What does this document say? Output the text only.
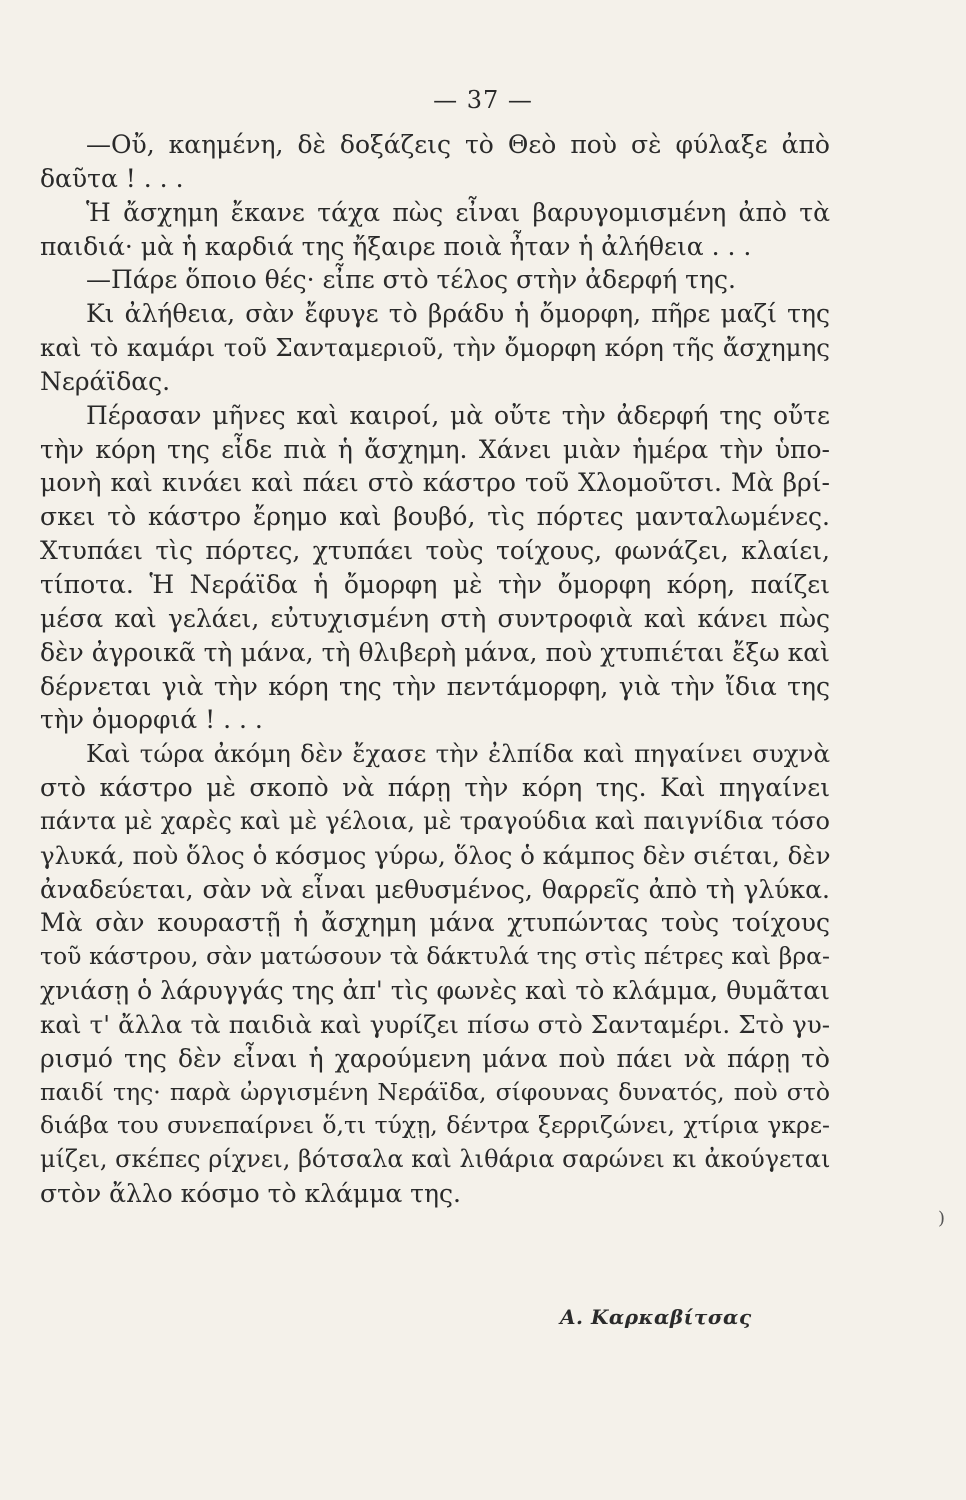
— 37 —
—Οὔ, καημένη, δὲ δοξάζεις τὸ Θεὸ ποὺ σὲ φύλαξε ἀπὸ
δαῦτα ! . . .
Ἡ ἄσχημη ἔκανε τάχα πὼς εἶναι βαρυγομισμένη ἀπὸ τὰ
παιδιά· μὰ ἡ καρδιά της ἤξαιρε ποιὰ ἦταν ἡ ἀλήθεια . . .
—Πάρε ὅποιο θές· εἶπε στὸ τέλος στὴν ἀδερφή της.
Κι ἀλήθεια, σὰν ἔφυγε τὸ βράδυ ἡ ὄμορφη, πῆρε μαζί της
καὶ τὸ καμάρι τοῦ Σανταμεριοῦ, τὴν ὄμορφη κόρη τῆς ἄσχημης
Νεράϊδας.
Πέρασαν μῆνες καὶ καιροί, μὰ οὔτε τὴν ἀδερφή της οὔτε
τὴν κόρη της εἶδε πιὰ ἡ ἄσχημη. Χάνει μιὰν ἡμέρα τὴν ὑπο-
μονὴ καὶ κινάει καὶ πάει στὸ κάστρο τοῦ Χλομοῦτσι. Μὰ βρί-
σκει τὸ κάστρο ἔρημο καὶ βουβό, τὶς πόρτες μανταλωμένες.
Χτυπάει τὶς πόρτες, χτυπάει τοὺς τοίχους, φωνάζει, κλαίει,
τίποτα. Ἡ Νεράϊδα ἡ ὄμορφη μὲ τὴν ὄμορφη κόρη, παίζει
μέσα καὶ γελάει, εὐτυχισμένη στὴ συντροφιὰ καὶ κάνει πὼς
δὲν ἀγροικᾶ τὴ μάνα, τὴ θλιβερὴ μάνα, ποὺ χτυπιέται ἔξω καὶ
δέρνεται γιὰ τὴν κόρη της τὴν πεντάμορφη, γιὰ τὴν ἴδια της
τὴν ὀμορφιά ! . . .
Καὶ τώρα ἀκόμη δὲν ἔχασε τὴν ἐλπίδα καὶ πηγαίνει συχνὰ
στὸ κάστρο μὲ σκοπὸ νὰ πάρῃ τὴν κόρη της. Καὶ πηγαίνει
πάντα μὲ χαρὲς καὶ μὲ γέλοια, μὲ τραγούδια καὶ παιγνίδια τόσο
γλυκά, ποὺ ὅλος ὁ κόσμος γύρω, ὅλος ὁ κάμπος δὲν σιέται, δὲν
ἀναδεύεται, σὰν νὰ εἶναι μεθυσμένος, θαρρεῖς ἀπὸ τὴ γλύκα.
Μὰ σὰν κουραστῇ ἡ ἄσχημη μάνα χτυπώντας τοὺς τοίχους
τοῦ κάστρου, σὰν ματώσουν τὰ δάκτυλά της στὶς πέτρες καὶ βρα-
χνιάσῃ ὁ λάρυγγάς της ἀπ' τὶς φωνὲς καὶ τὸ κλάμμα, θυμᾶται
καὶ τ' ἄλλα τὰ παιδιὰ καὶ γυρίζει πίσω στὸ Σανταμέρι. Στὸ γυ-
ρισμό της δὲν εἶναι ἡ χαρούμενη μάνα ποὺ πάει νὰ πάρῃ τὸ
παιδί της· παρὰ ὠργισμένη Νεράϊδα, σίφουνας δυνατός, ποὺ στὸ
διάβα του συνεπαίρνει ὅ,τι τύχῃ, δέντρα ξερριζώνει, χτίρια γκρε-
μίζει, σκέπες ρίχνει, βότσαλα καὶ λιθάρια σαρώνει κι ἀκούγεται
στὸν ἄλλο κόσμο τὸ κλάμμα της.
)
Α. Καρκαβίτσας
